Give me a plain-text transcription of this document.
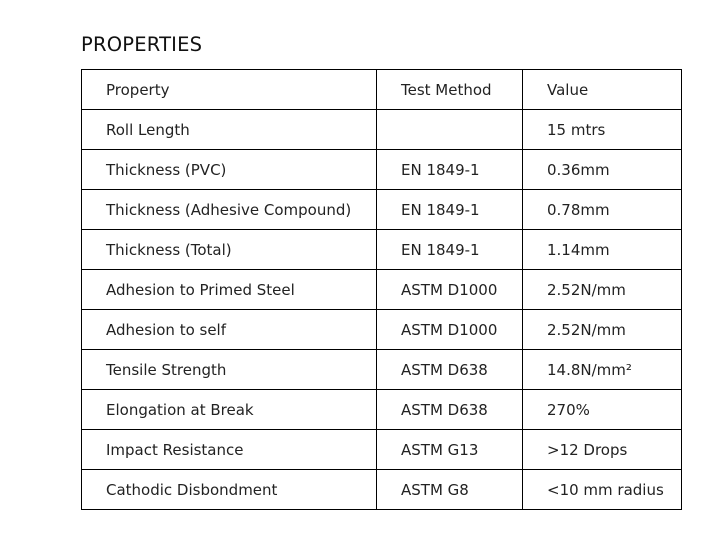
PROPERTIES
Property	Test Method	Value
Roll Length		15 mtrs
Thickness (PVC)	EN 1849-1	0.36mm
Thickness (Adhesive Compound)	EN 1849-1	0.78mm
Thickness (Total)	EN 1849-1	1.14mm
Adhesion to Primed Steel	ASTM D1000	2.52N/mm
Adhesion to self	ASTM D1000	2.52N/mm
Tensile Strength	ASTM D638	14.8N/mm²
Elongation at Break	ASTM D638	270%
Impact Resistance	ASTM G13	>12 Drops
Cathodic Disbondment	ASTM G8	<10 mm radius
